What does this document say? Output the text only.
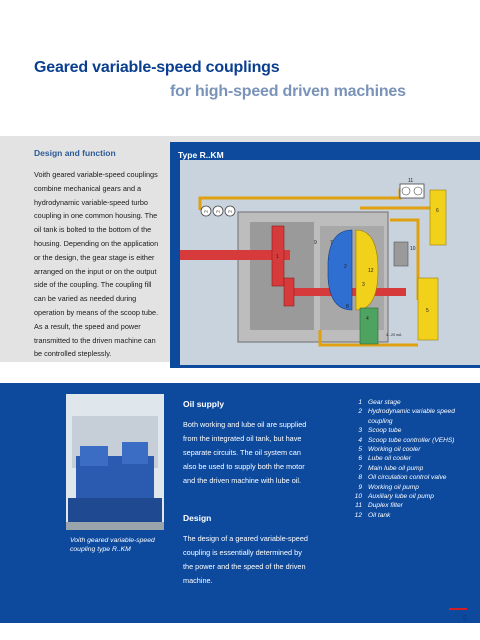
Geared variable-speed couplings
for high-speed driven machines
Design and function

Voith geared variable-speed couplings combine mechanical gears and a hydrodynamic variable-speed turbo coupling in one common housing. The oil tank is bolted to the bottom of the housing. Depending on the application or the design, the gear stage is either arranged on the input or on the output side of the coupling. The coupling fill can be varied as needed during operation by means of the scoop tube. As a result, the speed and power transmitted to the driven machine can be controlled steplessly.

Type R..KM
PI PI PI
1
2
3
4
5
6
7
8
9
10
11
12
4...20 mA
Voith geared variable-speed coupling type R..KM
Oil supply

Both working and lube oil are supplied from the integrated oil tank, but have separate circuits. The oil system can also be used to supply both the motor and the driven machine with lube oil.

Design

The design of a geared variable-speed coupling is essentially determined by the power and the speed of the driven machine.

1 Gear stage
2 Hydrodynamic variable speed coupling
3 Scoop tube
4 Scoop tube controller (VEHS)
5 Working oil cooler
6 Lube oil cooler
7 Main lube oil pump
8 Oil circulation control valve
9 Working oil pump
10 Auxiliary lube oil pump
11 Duplex filter
12 Oil tank
5
